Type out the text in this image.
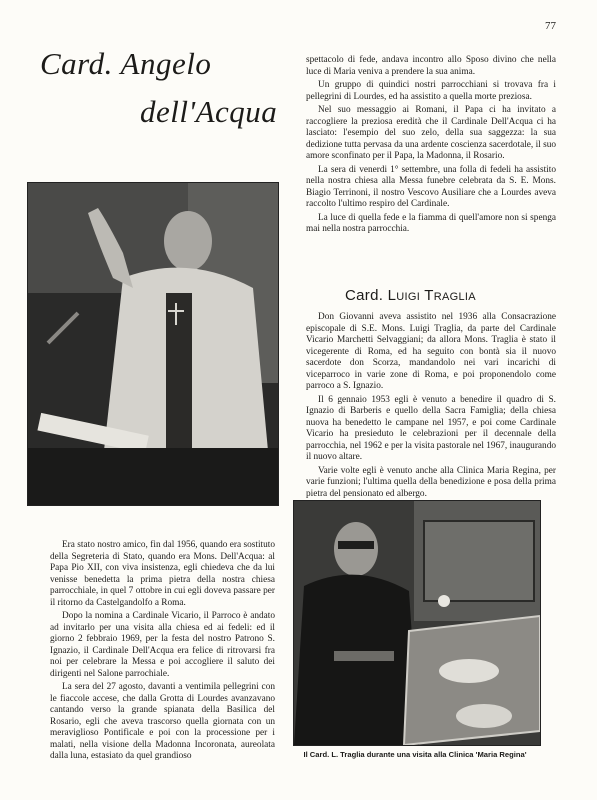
77
Card. Angelo
dell'Acqua

spettacolo di fede, andava incontro allo Sposo divino che nella luce di Maria veniva a prendere la sua anima.

Un gruppo di quindici nostri parrocchiani si trovava fra i pellegrini di Lourdes, ed ha assistito a quella morte preziosa.

Nel suo messaggio ai Romani, il Papa ci ha invitato a raccogliere la preziosa eredità che il Cardinale Dell'Acqua ci ha lasciato: l'esempio del suo zelo, della sua saggezza: la sua dedizione tutta pervasa da una ardente coscienza sacerdotale, il suo amore sconfinato per il Papa, la Madonna, il Rosario.

La sera di venerdi 1° settembre, una folla di fedeli ha assistito nella nostra chiesa alla Messa funebre celebrata da S. E. Mons. Biagio Terrinoni, il nostro Vescovo Ausiliare che a Lourdes aveva raccolto l'ultimo respiro del Cardinale.

La luce di quella fede e la fiamma di quell'amore non si spenga mai nella nostra parrocchia.

Card. Luigi Traglia

Don Giovanni aveva assistito nel 1936 alla Consacrazione episcopale di S.E. Mons. Luigi Traglia, da parte del Cardinale Vicario Marchetti Selvaggiani; da allora Mons. Traglia è stato il vicegerente di Roma, ed ha seguito con bontà sia il nuovo sacerdote don Scorza, mandandolo nei vari incarichi di viceparroco in varie zone di Roma, e poi proponendolo come parroco a S. Ignazio.

Il 6 gennaio 1953 egli è venuto a benedire il quadro di S. Ignazio di Barberis e quello della Sacra Famiglia; della chiesa nuova ha benedetto le campane nel 1957, e poi come Cardinale Vicario ha presieduto le celebrazioni per il decennale della parrocchia, nel 1962 e per la visita pastorale nel 1967, inaugurando il nuovo altare.

Varie volte egli è venuto anche alla Clinica Maria Regina, per varie funzioni; l'ultima quella della benedizione e posa della prima pietra del pensionato ed albergo.

Era stato nostro amico, fin dal 1956, quando era sostituto della Segreteria di Stato, quando era Mons. Dell'Acqua: al Papa Pio XII, con viva insistenza, egli chiedeva che da lui venisse benedetta la prima pietra della nostra chiesa parrocchiale, in quel 7 ottobre in cui egli doveva passare per il ritorno da Castelgandolfo a Roma.

Dopo la nomina a Cardinale Vicario, il Parroco è andato ad invitarlo per una visita alla chiesa ed ai fedeli: ed il giorno 2 febbraio 1969, per la festa del nostro Patrono S. Ignazio, il Cardinale Dell'Acqua era felice di ritrovarsi fra noi per celebrare la Messa e poi accogliere il saluto dei dirigenti nel Salone parrochiale.

La sera del 27 agosto, davanti a ventimila pellegrini con le fiaccole accese, che dalla Grotta di Lourdes avanzavano cantando verso la grande spianata della Basilica del Rosario, egli che aveva trascorso quella giornata con un meraviglioso Pontificale e poi con la processione per i malati, nella visione della Madonna Incoronata, aureolata dalla luna, estasiato da quel grandioso	Il Card. L. Traglia durante una visita alla Clinica 'Maria Regina'
